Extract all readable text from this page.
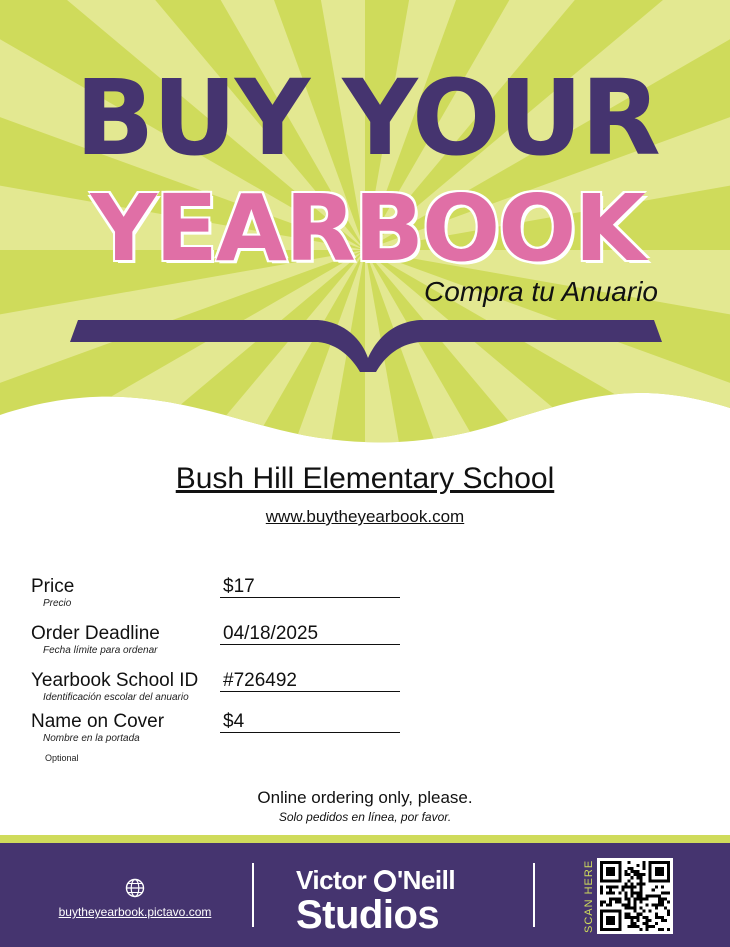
BUY YOUR
YEARBOOK
Compra tu Anuario
Bush Hill Elementary School
www.buytheyearbook.com
Price
Precio
$17
Order Deadline
Fecha límite para ordenar
04/18/2025
Yearbook School ID
Identificación escolar del anuario
#726492
Name on Cover
Nombre en la portada
$4
Optional
Online ordering only, please.
Solo pedidos en línea, por favor.
buytheyearbook.pictavo.com
Victor 'Neill
Studios	SCAN HERE
